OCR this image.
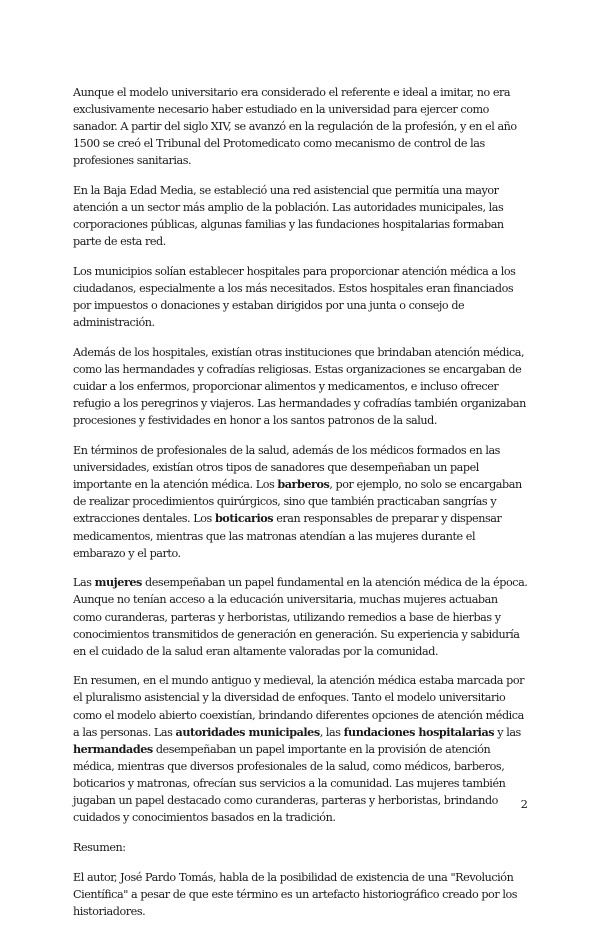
Aunque el modelo universitario era considerado el referente e ideal a imitar, no era exclusivamente necesario haber estudiado en la universidad para ejercer como sanador. A partir del siglo XIV, se avanzó en la regulación de la profesión, y en el año 1500 se creó el Tribunal del Protomedicato como mecanismo de control de las profesiones sanitarias.

En la Baja Edad Media, se estableció una red asistencial que permitía una mayor atención a un sector más amplio de la población. Las autoridades municipales, las corporaciones públicas, algunas familias y las fundaciones hospitalarias formaban parte de esta red.

Los municipios solían establecer hospitales para proporcionar atención médica a los ciudadanos, especialmente a los más necesitados. Estos hospitales eran financiados por impuestos o donaciones y estaban dirigidos por una junta o consejo de administración.

Además de los hospitales, existían otras instituciones que brindaban atención médica, como las hermandades y cofradías religiosas. Estas organizaciones se encargaban de cuidar a los enfermos, proporcionar alimentos y medicamentos, e incluso ofrecer refugio a los peregrinos y viajeros. Las hermandades y cofradías también organizaban procesiones y festividades en honor a los santos patronos de la salud.

En términos de profesionales de la salud, además de los médicos formados en las universidades, existían otros tipos de sanadores que desempeñaban un papel importante en la atención médica. Los barberos, por ejemplo, no solo se encargaban de realizar procedimientos quirúrgicos, sino que también practicaban sangrías y extracciones dentales. Los boticarios eran responsables de preparar y dispensar medicamentos, mientras que las matronas atendían a las mujeres durante el embarazo y el parto.

Las mujeres desempeñaban un papel fundamental en la atención médica de la época. Aunque no tenían acceso a la educación universitaria, muchas mujeres actuaban como curanderas, parteras y herboristas, utilizando remedios a base de hierbas y conocimientos transmitidos de generación en generación. Su experiencia y sabiduría en el cuidado de la salud eran altamente valoradas por la comunidad.

En resumen, en el mundo antiguo y medieval, la atención médica estaba marcada por el pluralismo asistencial y la diversidad de enfoques. Tanto el modelo universitario como el modelo abierto coexistían, brindando diferentes opciones de atención médica a las personas. Las autoridades municipales, las fundaciones hospitalarias y las hermandades desempeñaban un papel importante en la provisión de atención médica, mientras que diversos profesionales de la salud, como médicos, barberos, boticarios y matronas, ofrecían sus servicios a la comunidad. Las mujeres también jugaban un papel destacado como curanderas, parteras y herboristas, brindando cuidados y conocimientos basados en la tradición.

Resumen:

El autor, José Pardo Tomás, habla de la posibilidad de existencia de una "Revolución Científica" a pesar de que este término es un artefacto historiográfico creado por los historiadores.

2
